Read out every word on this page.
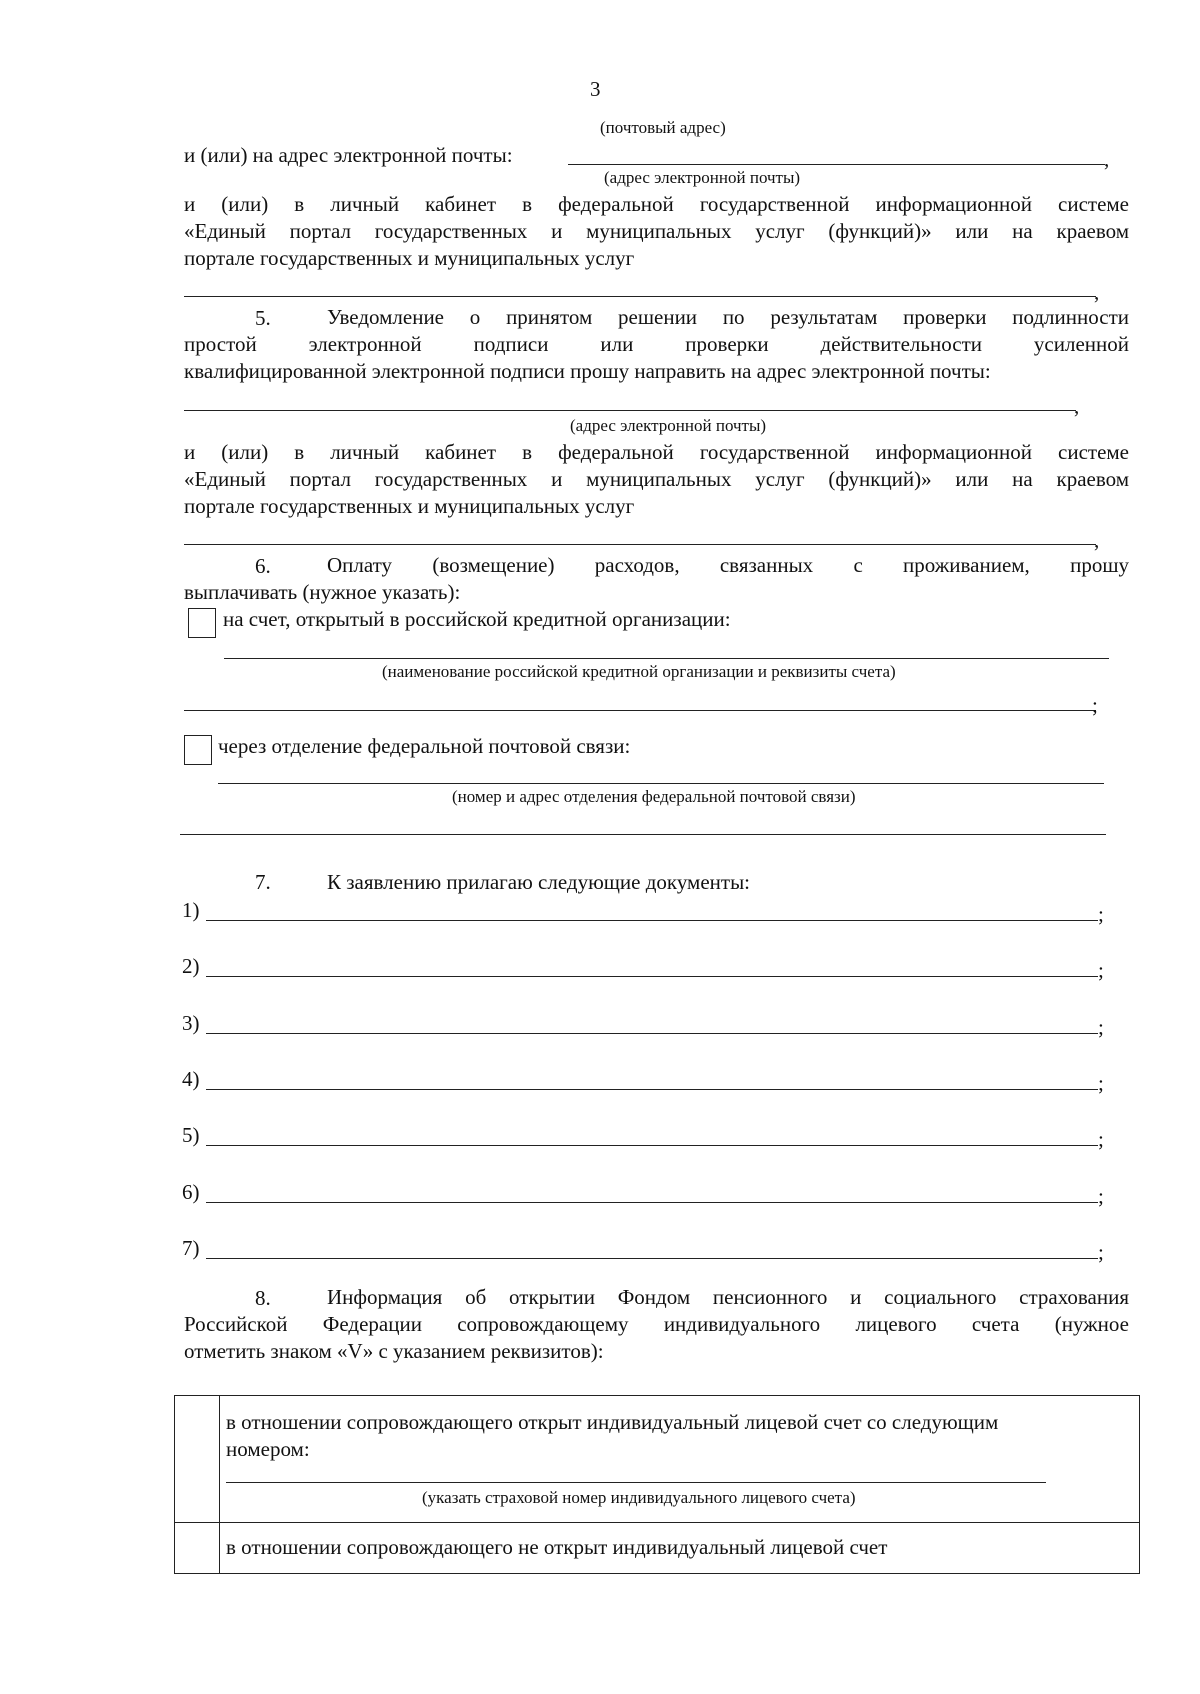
3
(почтовый адрес)
и (или) на адрес электронной почты:	,
(адрес электронной почты)
и (или) в личный кабинет в федеральной государственной информационной системе
«Единый портал государственных и муниципальных услуг (функций)» или на краевом
портале государственных и муниципальных услуг
,
5.	Уведомление о принятом решении по результатам проверки подлинности
простой электронной подписи или проверки действительности усиленной
квалифицированной электронной подписи прошу направить на адрес электронной почты:
,
(адрес электронной почты)
и (или) в личный кабинет в федеральной государственной информационной системе
«Единый портал государственных и муниципальных услуг (функций)» или на краевом
портале государственных и муниципальных услуг
,
6.	Оплату (возмещение) расходов, связанных с проживанием, прошу
выплачивать (нужное указать):
на счет, открытый в российской кредитной организации:
(наименование российской кредитной организации и реквизиты счета)
;
через отделение федеральной почтовой связи:
(номер и адрес отделения федеральной почтовой связи)
7.	К заявлению прилагаю следующие документы:
1)	;
2)	;
3)	;
4)	;
5)	;
6)	;
7)	;
8.	Информация об открытии Фондом пенсионного и социального страхования
Российской Федерации сопровождающему индивидуального лицевого счета (нужное
отметить знаком «V» с указанием реквизитов):
в отношении сопровождающего открыт индивидуальный лицевой счет со следующим
номером:
(указать страховой номер индивидуального лицевого счета)
в отношении сопровождающего не открыт индивидуальный лицевой счет
